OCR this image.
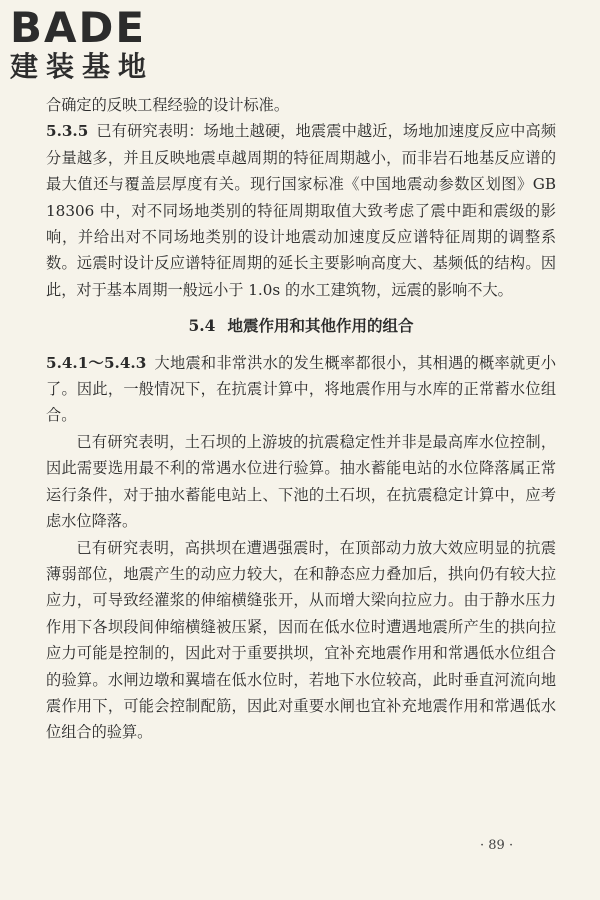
BADE
建装基地

合确定的反映工程经验的设计标准。

5.3.5 已有研究表明：场地土越硬，地震震中越近，场地加速度反应中高频分量越多，并且反映地震卓越周期的特征周期越小，而非岩石地基反应谱的最大值还与覆盖层厚度有关。现行国家标准《中国地震动参数区划图》GB 18306 中，对不同场地类别的特征周期取值大致考虑了震中距和震级的影响，并给出对不同场地类别的设计地震动加速度反应谱特征周期的调整系数。远震时设计反应谱特征周期的延长主要影响高度大、基频低的结构。因此，对于基本周期一般远小于 1.0s 的水工建筑物，远震的影响不大。

5.4 地震作用和其他作用的组合

5.4.1～5.4.3 大地震和非常洪水的发生概率都很小，其相遇的概率就更小了。因此，一般情况下，在抗震计算中，将地震作用与水库的正常蓄水位组合。

已有研究表明，土石坝的上游坡的抗震稳定性并非是最高库水位控制，因此需要选用最不利的常遇水位进行验算。抽水蓄能电站的水位降落属正常运行条件，对于抽水蓄能电站上、下池的土石坝，在抗震稳定计算中，应考虑水位降落。

已有研究表明，高拱坝在遭遇强震时，在顶部动力放大效应明显的抗震薄弱部位，地震产生的动应力较大，在和静态应力叠加后，拱向仍有较大拉应力，可导致经灌浆的伸缩横缝张开，从而增大梁向拉应力。由于静水压力作用下各坝段间伸缩横缝被压紧，因而在低水位时遭遇地震所产生的拱向拉应力可能是控制的，因此对于重要拱坝，宜补充地震作用和常遇低水位组合的验算。水闸边墩和翼墙在低水位时，若地下水位较高，此时垂直河流向地震作用下，可能会控制配筋，因此对重要水闸也宜补充地震作用和常遇低水位组合的验算。

· 89 ·
